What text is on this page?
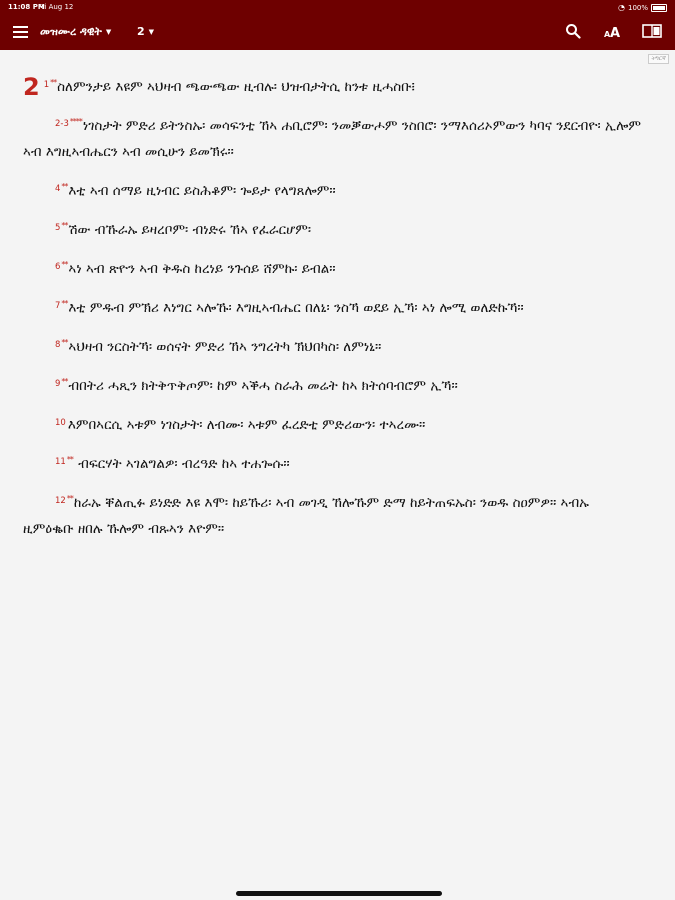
11:08 PM
Fri Aug 12	◔ 100%
መዝሙረ ዳዊት ▼ 2 ▼	A A
ትግርኛ
2 $^{1**}$ስለምንታይ እዩም ኣህዛብ ጫውጫው ዚብሉ፡ ህዝብታትሲ ከንቱ ዚሓስቡ፧
$^{2-3****}$ነገስታት ምድሪ ይትንስኡ፡ መሳፍንቲ ኸኣ ሐቢሮም፡ ንመቓውሖም ንስበሮ፡ ንማእሰሪኦምውን ካባና ንደርብዮ፡ ኢሎም ኣብ እግዚኣብሔርን ኣብ መሲሁን ይመኽሩ።
$^{4**}$እቲ ኣብ ሰማይ ዚነብር ይስሕቆም፡ ጐይታ የላግጸሎም።
$^{5**}$ሽው ብኹራኡ ይዛረቦም፡ ብነድሩ ኸኣ የፈራርሆም፡
$^{6**}$ኣነ ኣብ ጽዮን ኣብ ቅዱስ ከረነይ ንጉሰይ ሸምኩ፡ ይብል።
$^{7**}$እቲ ምዱብ ምኽሪ እነግር ኣሎኹ፡ እግዚኣብሔር በለኒ፡ ንስኻ ወደይ ኢኻ፡ ኣነ ሎሚ ወለድኩኻ።
$^{8**}$ኣህዛብ ንርስትኻ፡ ወሰናት ምድሪ ኸኣ ንግረትካ ኽህበካስ፡ ለምነኒ።
$^{9**}$ብበትሪ ሓጺን ክትቅጥቅጦም፡ ከም ኣቕሓ ስራሕ መሬት ከኣ ክትሰባብሮም ኢኻ።
$^{10}$ እምበኣርሲ ኣቱም ነገስታት፡ ለብሙ፡ ኣቱም ፈረድቲ ምድሪውን፡ ተኣረሙ።
$^{11**}$ ብፍርሃት ኣገልግልዎ፡ ብረዓድ ከኣ ተሐጐሱ።
$^{12**}$ከራኡ ቐልጢፉ ይነድድ እዩ እሞ፡ ከይኹሪ፡ ኣብ መገዲ ኸሎኹም ድማ ከይትጠፍኡስ፡ ንወዱ ስዐምዎ። ኣብኡ ዚምዕቈቡ ዘበሉ ኹሎም ብጹኣን እዮም።
